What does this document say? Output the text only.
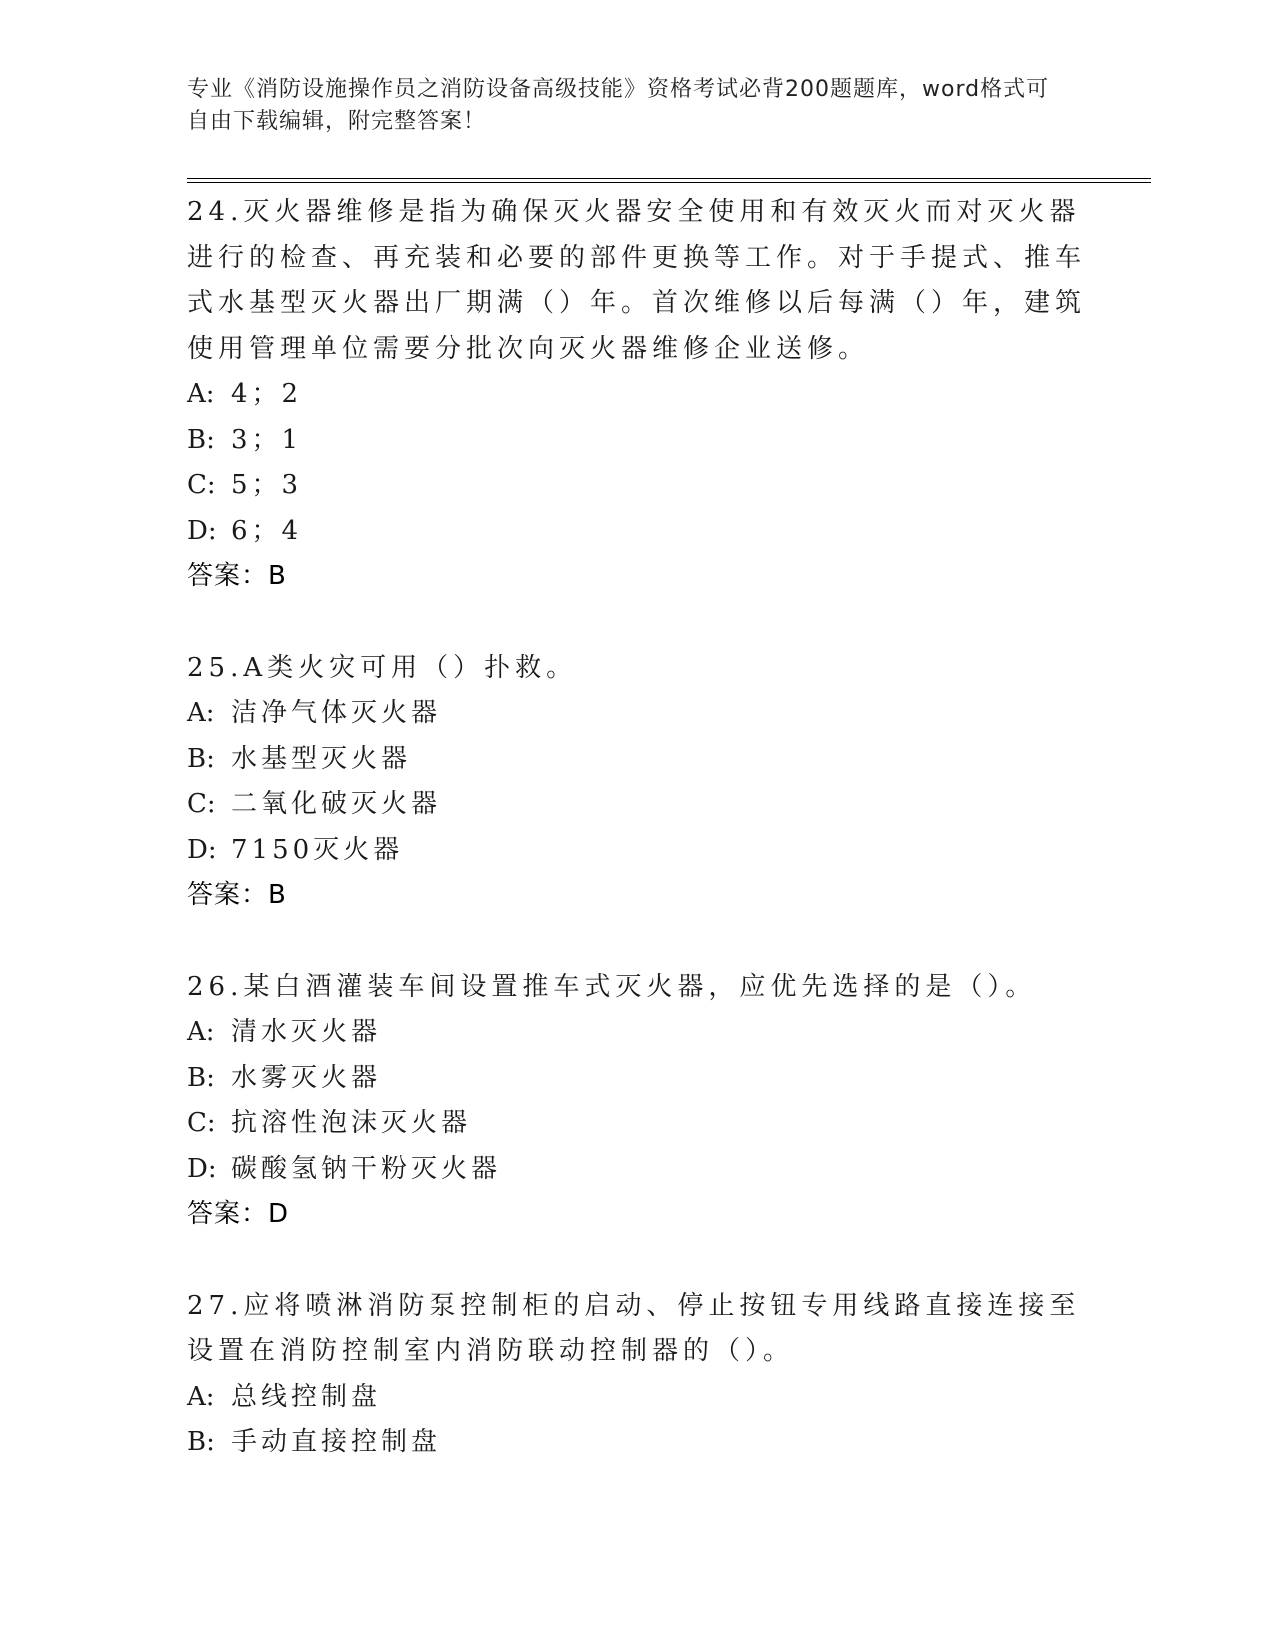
专业《消防设施操作员之消防设备高级技能》资格考试必背200题题库，word格式可自由下载编辑，附完整答案！

24.灭火器维修是指为确保灭火器安全使用和有效灭火而对灭火器进行的检查、再充装和必要的部件更换等工作。对于手提式、推车式水基型灭火器出厂期满（）年。首次维修以后每满（）年，建筑使用管理单位需要分批次向灭火器维修企业送修。

A: 4；2
B: 3；1
C: 5；3
D: 6；4
答案：B

25.A类火灾可用（）扑救。

A: 洁净气体灭火器
B: 水基型灭火器
C: 二氧化破灭火器
D: 7150灭火器
答案：B

26.某白酒灌装车间设置推车式灭火器，应优先选择的是（）。

A: 清水灭火器
B: 水雾灭火器
C: 抗溶性泡沫灭火器
D: 碳酸氢钠干粉灭火器
答案：D

27.应将喷淋消防泵控制柜的启动、停止按钮专用线路直接连接至设置在消防控制室内消防联动控制器的（）。

A: 总线控制盘
B: 手动直接控制盘
